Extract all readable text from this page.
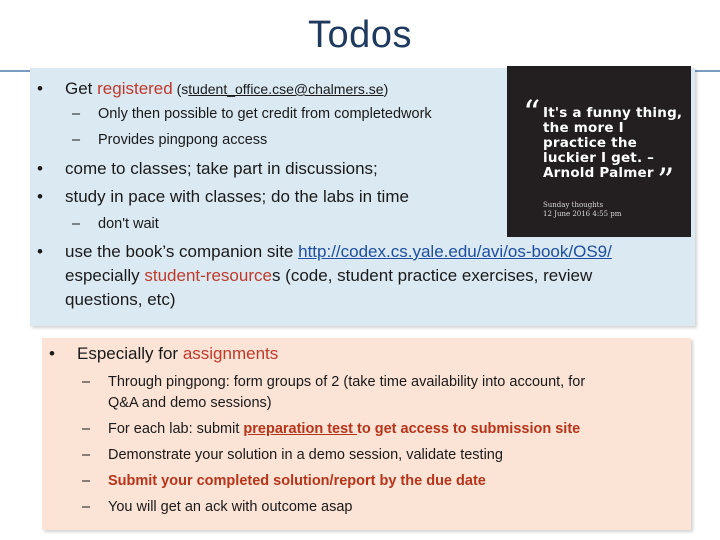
Todos
• Get registered (student_office.cse@chalmers.se)
– Only then possible to get credit from completedwork
– Provides pingpong access
• come to classes; take part in discussions;
• study in pace with classes; do the labs in time
– don't wait
• use the book’s companion site http://codex.cs.yale.edu/avi/os-book/OS9/
especially student-resources (code, student practice exercises, review
questions, etc)
“ It's a funny thing, the more I practice the luckier I get. – Arnold Palmer ”
Sunday thoughts
12 June 2016 4:55 pm
• Especially for assignments
– Through pingpong: form groups of 2 (take time availability into account, for
Q&A and demo sessions)
– For each lab: submit preparation test to get access to submission site
– Demonstrate your solution in a demo session, validate testing
– Submit your completed solution/report by the due date
– You will get an ack with outcome asap
